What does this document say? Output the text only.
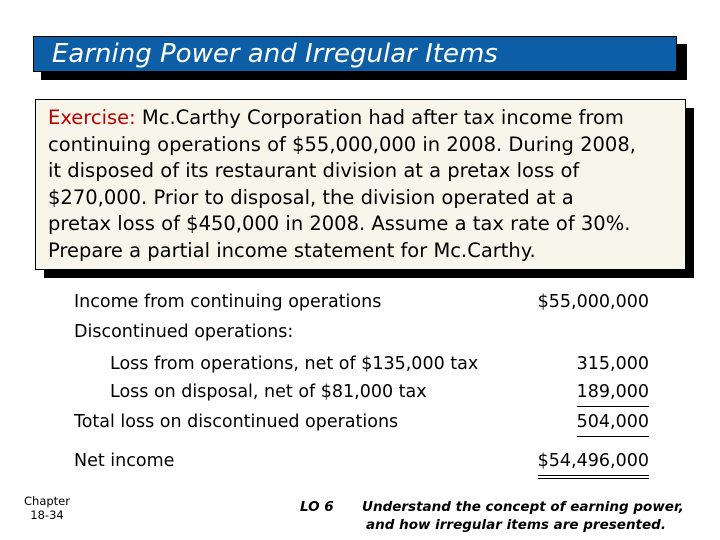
Earning Power and Irregular Items
Exercise: Mc.Carthy Corporation had after tax income from
continuing operations of $55,000,000 in 2008. During 2008,
it disposed of its restaurant division at a pretax loss of
$270,000. Prior to disposal, the division operated at a
pretax loss of $450,000 in 2008. Assume a tax rate of 30%.
Prepare a partial income statement for Mc.Carthy.
Income from continuing operations	$55,000,000
Discontinued operations:
Loss from operations, net of $135,000 tax	315,000
Loss on disposal, net of $81,000 tax	189,000
Total loss on discontinued operations	504,000
Net income	$54,496,000
Chapter
18-34	LO 6 Understand the concept of earning power,
and how irregular items are presented.
